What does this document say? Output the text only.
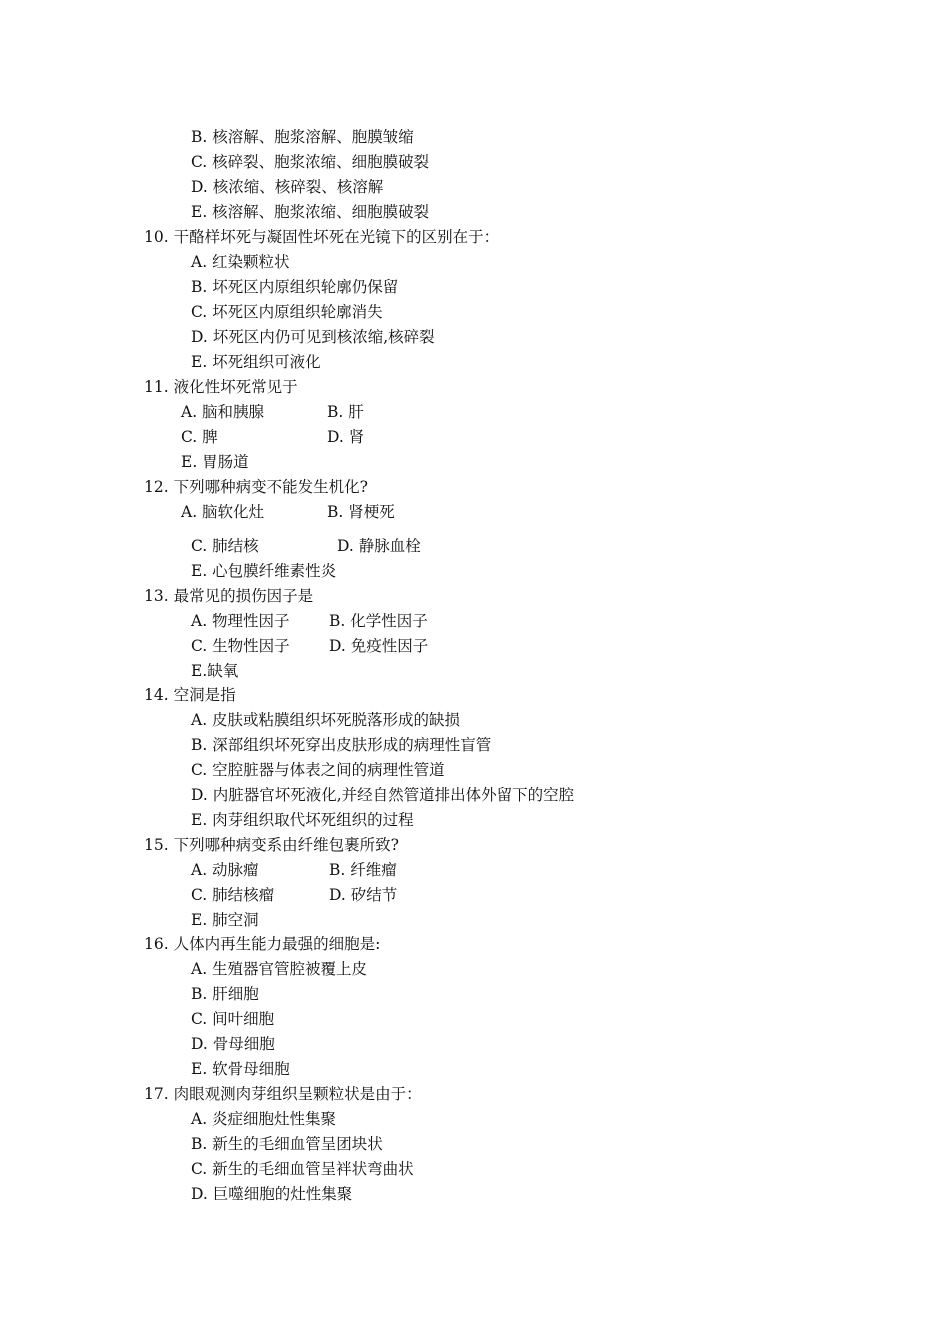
B. 核溶解、胞浆溶解、胞膜皱缩
C. 核碎裂、胞浆浓缩、细胞膜破裂
D. 核浓缩、核碎裂、核溶解
E. 核溶解、胞浆浓缩、细胞膜破裂
10. 干酪样坏死与凝固性坏死在光镜下的区别在于：
A. 红染颗粒状
B. 坏死区内原组织轮廓仍保留
C. 坏死区内原组织轮廓消失
D. 坏死区内仍可见到核浓缩,核碎裂
E. 坏死组织可液化
11. 液化性坏死常见于
A. 脑和胰腺	B. 肝
C. 脾	D. 肾
E. 胃肠道
12. 下列哪种病变不能发生机化?
A. 脑软化灶	B. 肾梗死
C. 肺结核	D. 静脉血栓
E. 心包膜纤维素性炎
13. 最常见的损伤因子是
A. 物理性因子	B. 化学性因子
C. 生物性因子	D. 免疫性因子
E.缺氧
14. 空洞是指
A. 皮肤或粘膜组织坏死脱落形成的缺损
B. 深部组织坏死穿出皮肤形成的病理性盲管
C. 空腔脏器与体表之间的病理性管道
D. 内脏器官坏死液化,并经自然管道排出体外留下的空腔
E. 肉芽组织取代坏死组织的过程
15. 下列哪种病变系由纤维包裹所致?
A. 动脉瘤	B. 纤维瘤
C. 肺结核瘤	D. 矽结节
E. 肺空洞
16. 人体内再生能力最强的细胞是:
A. 生殖器官管腔被覆上皮
B. 肝细胞
C. 间叶细胞
D. 骨母细胞
E. 软骨母细胞
17. 肉眼观测肉芽组织呈颗粒状是由于：
A. 炎症细胞灶性集聚
B. 新生的毛细血管呈团块状
C. 新生的毛细血管呈袢状弯曲状
D. 巨噬细胞的灶性集聚
